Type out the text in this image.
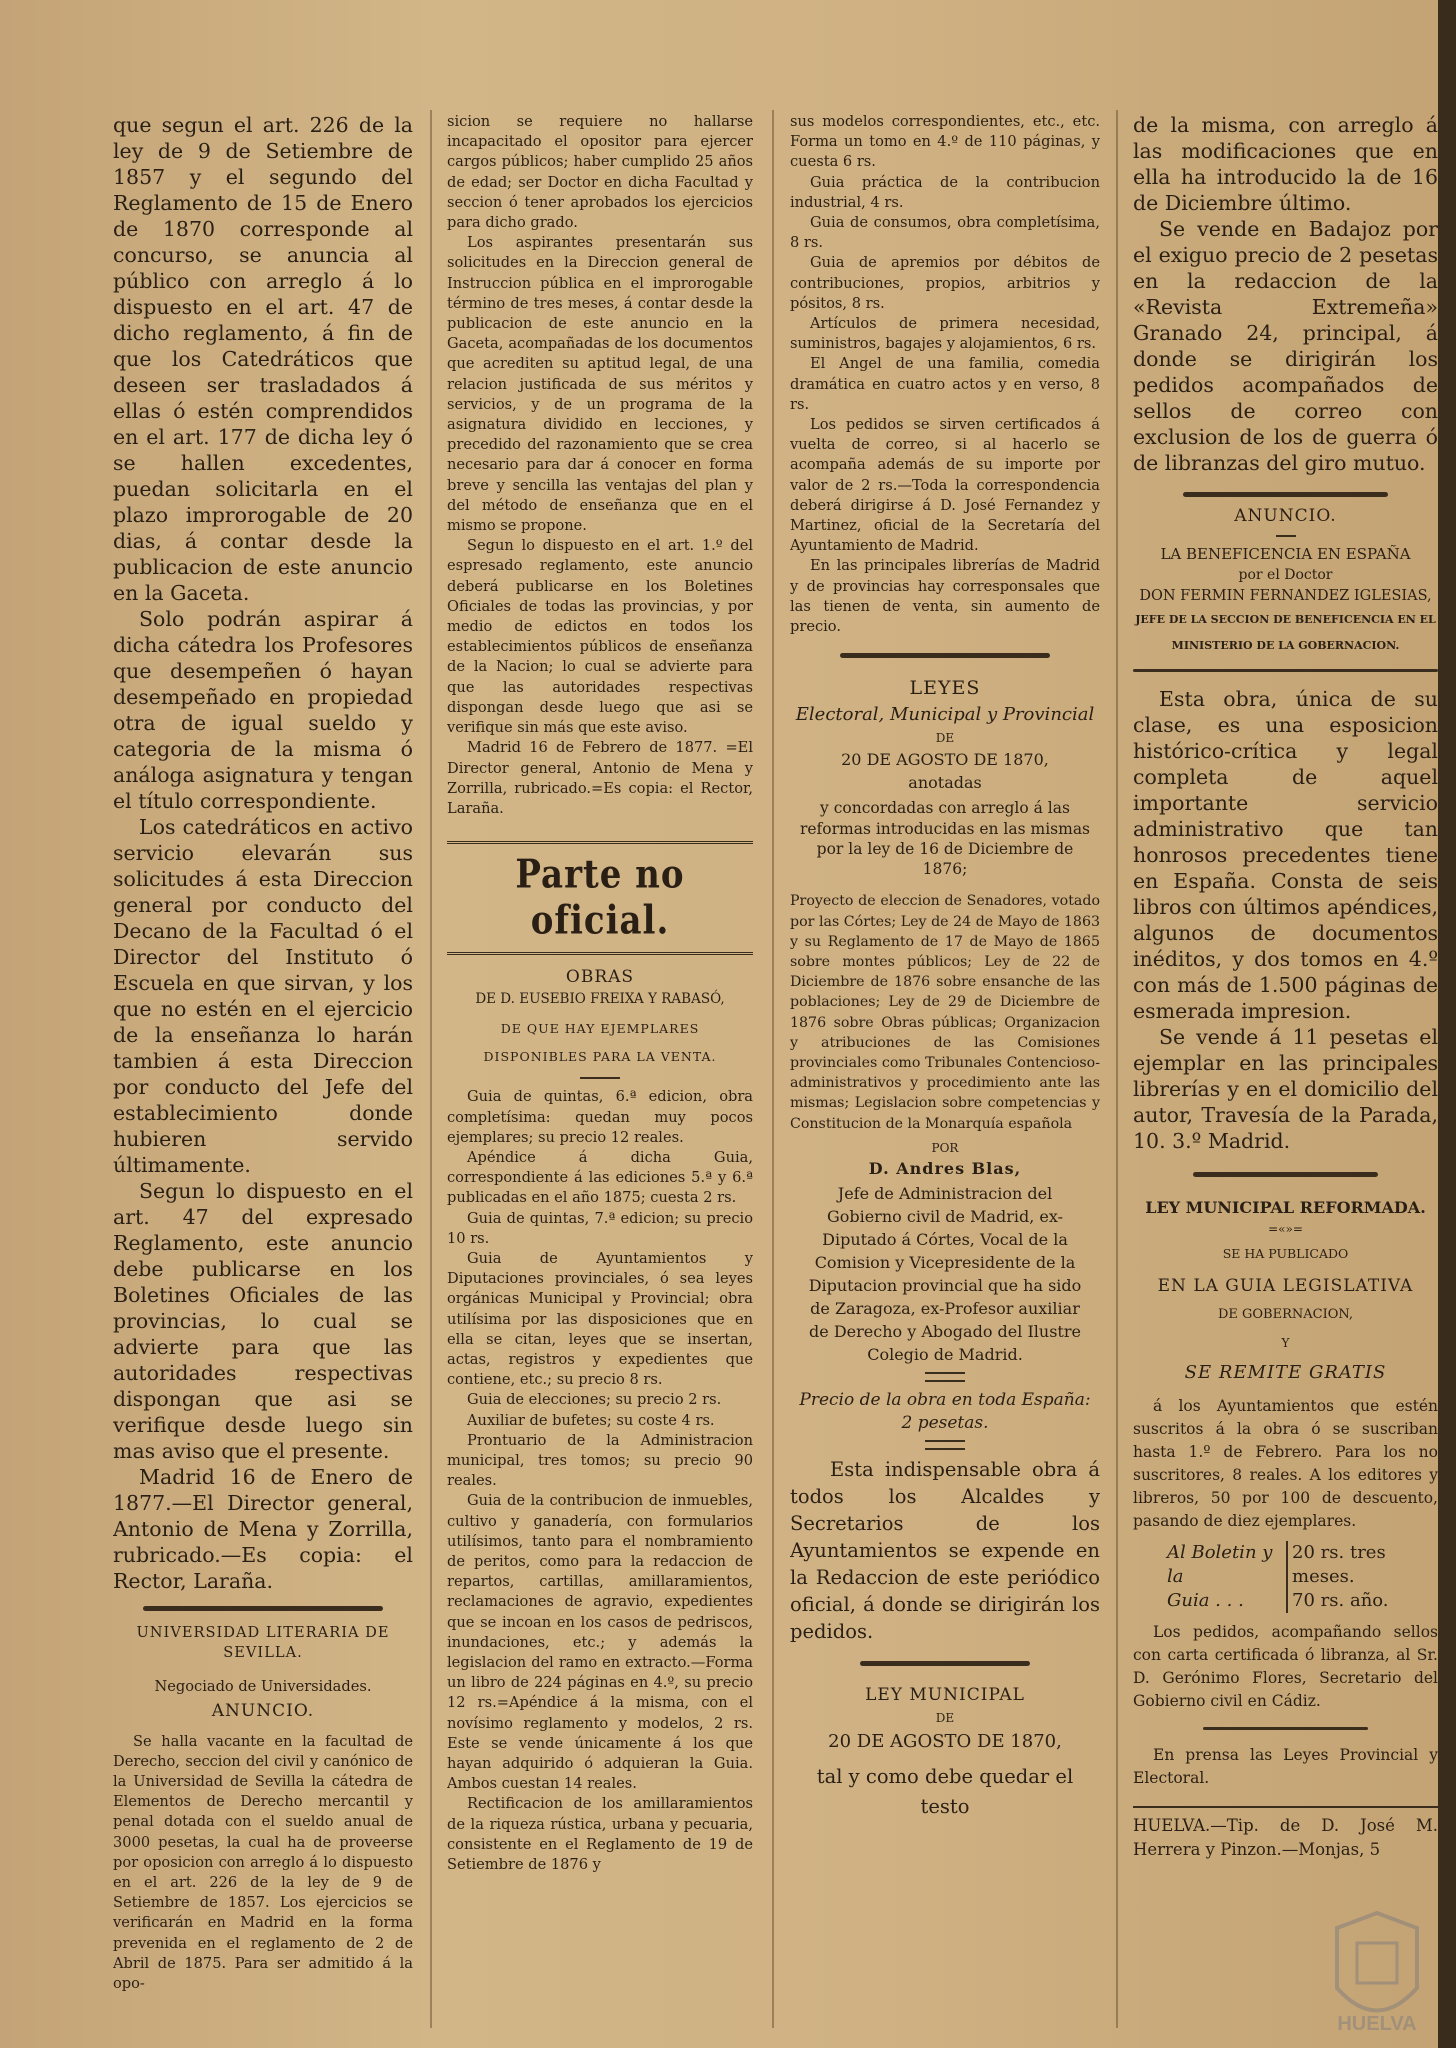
que segun el art. 226 de la ley de 9 de Setiembre de 1857 y el segundo del Reglamento de 15 de Enero de 1870 corresponde al concurso, se anuncia al público con arreglo á lo dispuesto en el art. 47 de dicho reglamento, á fin de que los Catedráticos que deseen ser trasladados á ellas ó estén comprendidos en el art. 177 de dicha ley ó se hallen excedentes, puedan solicitarla en el plazo improrogable de 20 dias, á contar desde la publicacion de este anuncio en la Gaceta.

Solo podrán aspirar á dicha cátedra los Profesores que desempeñen ó hayan desempeñado en propiedad otra de igual sueldo y categoria de la misma ó análoga asignatura y tengan el título correspondiente.

Los catedráticos en activo servicio elevarán sus solicitudes á esta Direccion general por conducto del Decano de la Facultad ó el Director del Instituto ó Escuela en que sirvan, y los que no estén en el ejercicio de la enseñanza lo harán tambien á esta Direccion por conducto del Jefe del establecimiento donde hubieren servido últimamente.

Segun lo dispuesto en el art. 47 del expresado Reglamento, este anuncio debe publicarse en los Boletines Oficiales de las provincias, lo cual se advierte para que las autoridades respectivas dispongan que asi se verifique desde luego sin mas aviso que el presente.

Madrid 16 de Enero de 1877.—El Director general, Antonio de Mena y Zorrilla, rubricado.—Es copia: el Rector, Laraña.

UNIVERSIDAD LITERARIA DE SEVILLA.

Negociado de Universidades.

ANUNCIO.

Se halla vacante en la facultad de Derecho, seccion del civil y canónico de la Universidad de Sevilla la cátedra de Elementos de Derecho mercantil y penal dotada con el sueldo anual de 3000 pesetas, la cual ha de proveerse por oposicion con arreglo á lo dispuesto en el art. 226 de la ley de 9 de Setiembre de 1857. Los ejercicios se verificarán en Madrid en la forma prevenida en el reglamento de 2 de Abril de 1875. Para ser admitido á la opo-

sicion se requiere no hallarse incapacitado el opositor para ejercer cargos públicos; haber cumplido 25 años de edad; ser Doctor en dicha Facultad y seccion ó tener aprobados los ejercicios para dicho grado.

Los aspirantes presentarán sus solicitudes en la Direccion general de Instruccion pública en el improrogable término de tres meses, á contar desde la publicacion de este anuncio en la Gaceta, acompañadas de los documentos que acrediten su aptitud legal, de una relacion justificada de sus méritos y servicios, y de un programa de la asignatura dividido en lecciones, y precedido del razonamiento que se crea necesario para dar á conocer en forma breve y sencilla las ventajas del plan y del método de enseñanza que en el mismo se propone.

Segun lo dispuesto en el art. 1.º del espresado reglamento, este anuncio deberá publicarse en los Boletines Oficiales de todas las provincias, y por medio de edictos en todos los establecimientos públicos de enseñanza de la Nacion; lo cual se advierte para que las autoridades respectivas dispongan desde luego que asi se verifique sin más que este aviso.

Madrid 16 de Febrero de 1877. =El Director general, Antonio de Mena y Zorrilla, rubricado.=Es copia: el Rector, Laraña.

Parte no oficial.

OBRAS

DE D. EUSEBIO FREIXA Y RABASÓ,

DE QUE HAY EJEMPLARES DISPONIBLES PARA LA VENTA.

Guia de quintas, 6.ª edicion, obra completísima: quedan muy pocos ejemplares; su precio 12 reales.

Apéndice á dicha Guia, correspondiente á las ediciones 5.ª y 6.ª publicadas en el año 1875; cuesta 2 rs.

Guia de quintas, 7.ª edicion; su precio 10 rs.

Guia de Ayuntamientos y Diputaciones provinciales, ó sea leyes orgánicas Municipal y Provincial; obra utilísima por las disposiciones que en ella se citan, leyes que se insertan, actas, registros y expedientes que contiene, etc.; su precio 8 rs.

Guia de elecciones; su precio 2 rs.

Auxiliar de bufetes; su coste 4 rs.

Prontuario de la Administracion municipal, tres tomos; su precio 90 reales.

Guia de la contribucion de inmuebles, cultivo y ganadería, con formularios utilísimos, tanto para el nombramiento de peritos, como para la redaccion de repartos, cartillas, amillaramientos, reclamaciones de agravio, expedientes que se incoan en los casos de pedriscos, inundaciones, etc.; y además la legislacion del ramo en extracto.—Forma un libro de 224 páginas en 4.º, su precio 12 rs.=Apéndice á la misma, con el novísimo reglamento y modelos, 2 rs. Este se vende únicamente á los que hayan adquirido ó adquieran la Guia. Ambos cuestan 14 reales.

Rectificacion de los amillaramientos de la riqueza rústica, urbana y pecuaria, consistente en el Reglamento de 19 de Setiembre de 1876 y

sus modelos correspondientes, etc., etc. Forma un tomo en 4.º de 110 páginas, y cuesta 6 rs.

Guia práctica de la contribucion industrial, 4 rs.

Guia de consumos, obra completísima, 8 rs.

Guia de apremios por débitos de contribuciones, propios, arbitrios y pósitos, 8 rs.

Artículos de primera necesidad, suministros, bagajes y alojamientos, 6 rs.

El Angel de una familia, comedia dramática en cuatro actos y en verso, 8 rs.

Los pedidos se sirven certificados á vuelta de correo, si al hacerlo se acompaña además de su importe por valor de 2 rs.—Toda la correspondencia deberá dirigirse á D. José Fernandez y Martinez, oficial de la Secretaría del Ayuntamiento de Madrid.

En las principales librerías de Madrid y de provincias hay corresponsales que las tienen de venta, sin aumento de precio.

LEYES

Electoral, Municipal y Provincial

DE

20 DE AGOSTO DE 1870,

anotadas

y concordadas con arreglo á las reformas introducidas en las mismas por la ley de 16 de Diciembre de 1876;

Proyecto de eleccion de Senadores, votado por las Córtes; Ley de 24 de Mayo de 1863 y su Reglamento de 17 de Mayo de 1865 sobre montes públicos; Ley de 22 de Diciembre de 1876 sobre ensanche de las poblaciones; Ley de 29 de Diciembre de 1876 sobre Obras públicas; Organizacion y atribuciones de las Comisiones provinciales como Tribunales Contencioso-administrativos y procedimiento ante las mismas; Legislacion sobre competencias y Constitucion de la Monarquía española

POR

D. Andres Blas,

Jefe de Administracion del Gobierno civil de Madrid, ex-Diputado á Córtes, Vocal de la Comision y Vicepresidente de la Diputacion provincial que ha sido de Zaragoza, ex-Profesor auxiliar de Derecho y Abogado del Ilustre Colegio de Madrid.

Precio de la obra en toda España:

2 pesetas.

Esta indispensable obra á todos los Alcaldes y Secretarios de los Ayuntamientos se expende en la Redaccion de este periódico oficial, á donde se dirigirán los pedidos.

LEY MUNICIPAL

DE

20 DE AGOSTO DE 1870,

tal y como debe quedar el testo

de la misma, con arreglo á las modificaciones que en ella ha introducido la de 16 de Diciembre último.

Se vende en Badajoz por el exiguo precio de 2 pesetas en la redaccion de la «Revista Extremeña» Granado 24, principal, á donde se dirigirán los pedidos acompañados de sellos de correo con exclusion de los de guerra ó de libranzas del giro mutuo.

ANUNCIO.

LA BENEFICENCIA EN ESPAÑA

por el Doctor

DON FERMIN FERNANDEZ IGLESIAS,

JEFE DE LA SECCION DE BENEFICENCIA EN EL MINISTERIO DE LA GOBERNACION.

Esta obra, única de su clase, es una esposicion histórico-crítica y legal completa de aquel importante servicio administrativo que tan honrosos precedentes tiene en España. Consta de seis libros con últimos apéndices, algunos de documentos inéditos, y dos tomos en 4.º con más de 1.500 páginas de esmerada impresion.

Se vende á 11 pesetas el ejemplar en las principales librerías y en el domicilio del autor, Travesía de la Parada, 10. 3.º Madrid.

LEY MUNICIPAL REFORMADA.

=«»=

SE HA PUBLICADO

EN LA GUIA LEGISLATIVA

DE GOBERNACION,

Y

SE REMITE GRATIS

á los Ayuntamientos que estén suscritos á la obra ó se suscriban hasta 1.º de Febrero. Para los no suscritores, 8 reales. A los editores y libreros, 50 por 100 de descuento, pasando de diez ejemplares.

Al Boletin y la	20 rs. tres meses.
Guia . . .	70 rs. año.

Los pedidos, acompañando sellos con carta certificada ó libranza, al Sr. D. Gerónimo Flores, Secretario del Gobierno civil en Cádiz.

En prensa las Leyes Provincial y Electoral.

HUELVA.—Tip. de D. José M. Herrera y Pinzon.—Monjas, 5

HUELVA
